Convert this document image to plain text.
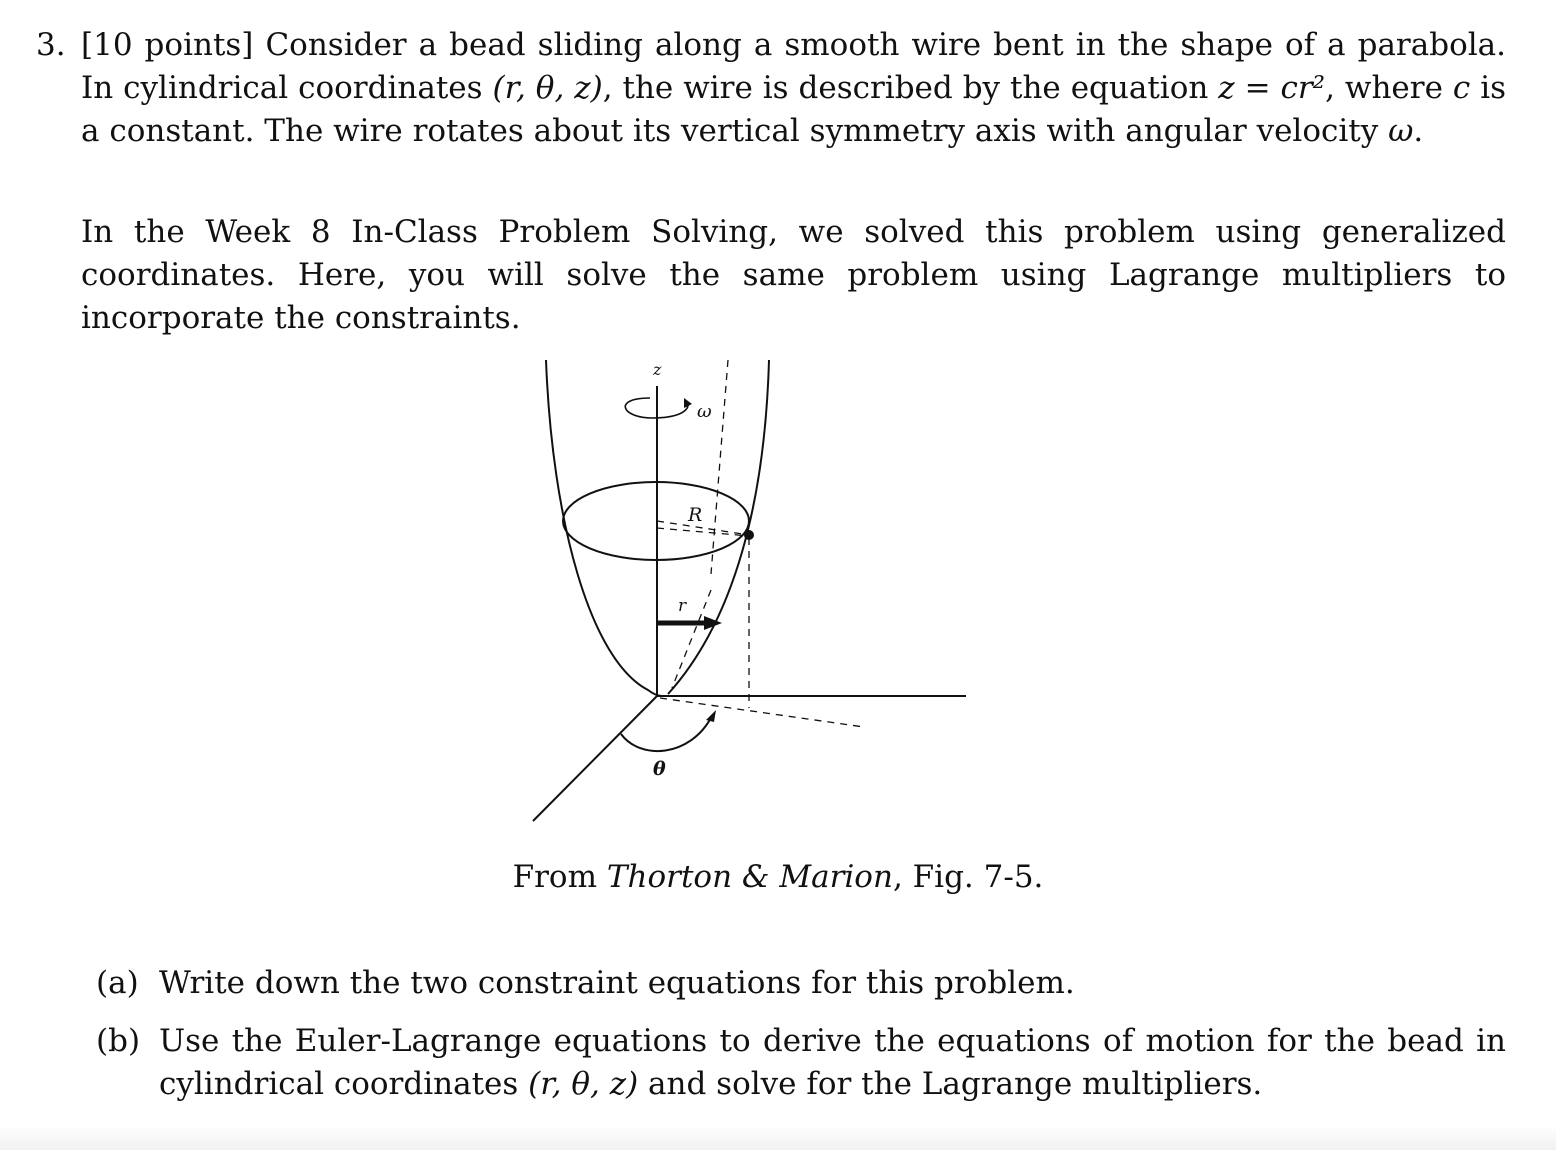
3. [10 points] Consider a bead sliding along a smooth wire bent in the shape of a parabola. In cylindrical coordinates (r, θ, z), the wire is described by the equation z = cr², where c is a constant. The wire rotates about its vertical symmetry axis with angular velocity ω.

In the Week 8 In-Class Problem Solving, we solved this problem using generalized coordinates. Here, you will solve the same problem using Lagrange multipliers to incorporate the constraints.

z
ω
R
r
θ

From Thorton & Marion, Fig. 7-5.

(a) Write down the two constraint equations for this problem.
(b) Use the Euler-Lagrange equations to derive the equations of motion for the bead in cylindrical coordinates (r, θ, z) and solve for the Lagrange multipliers.
